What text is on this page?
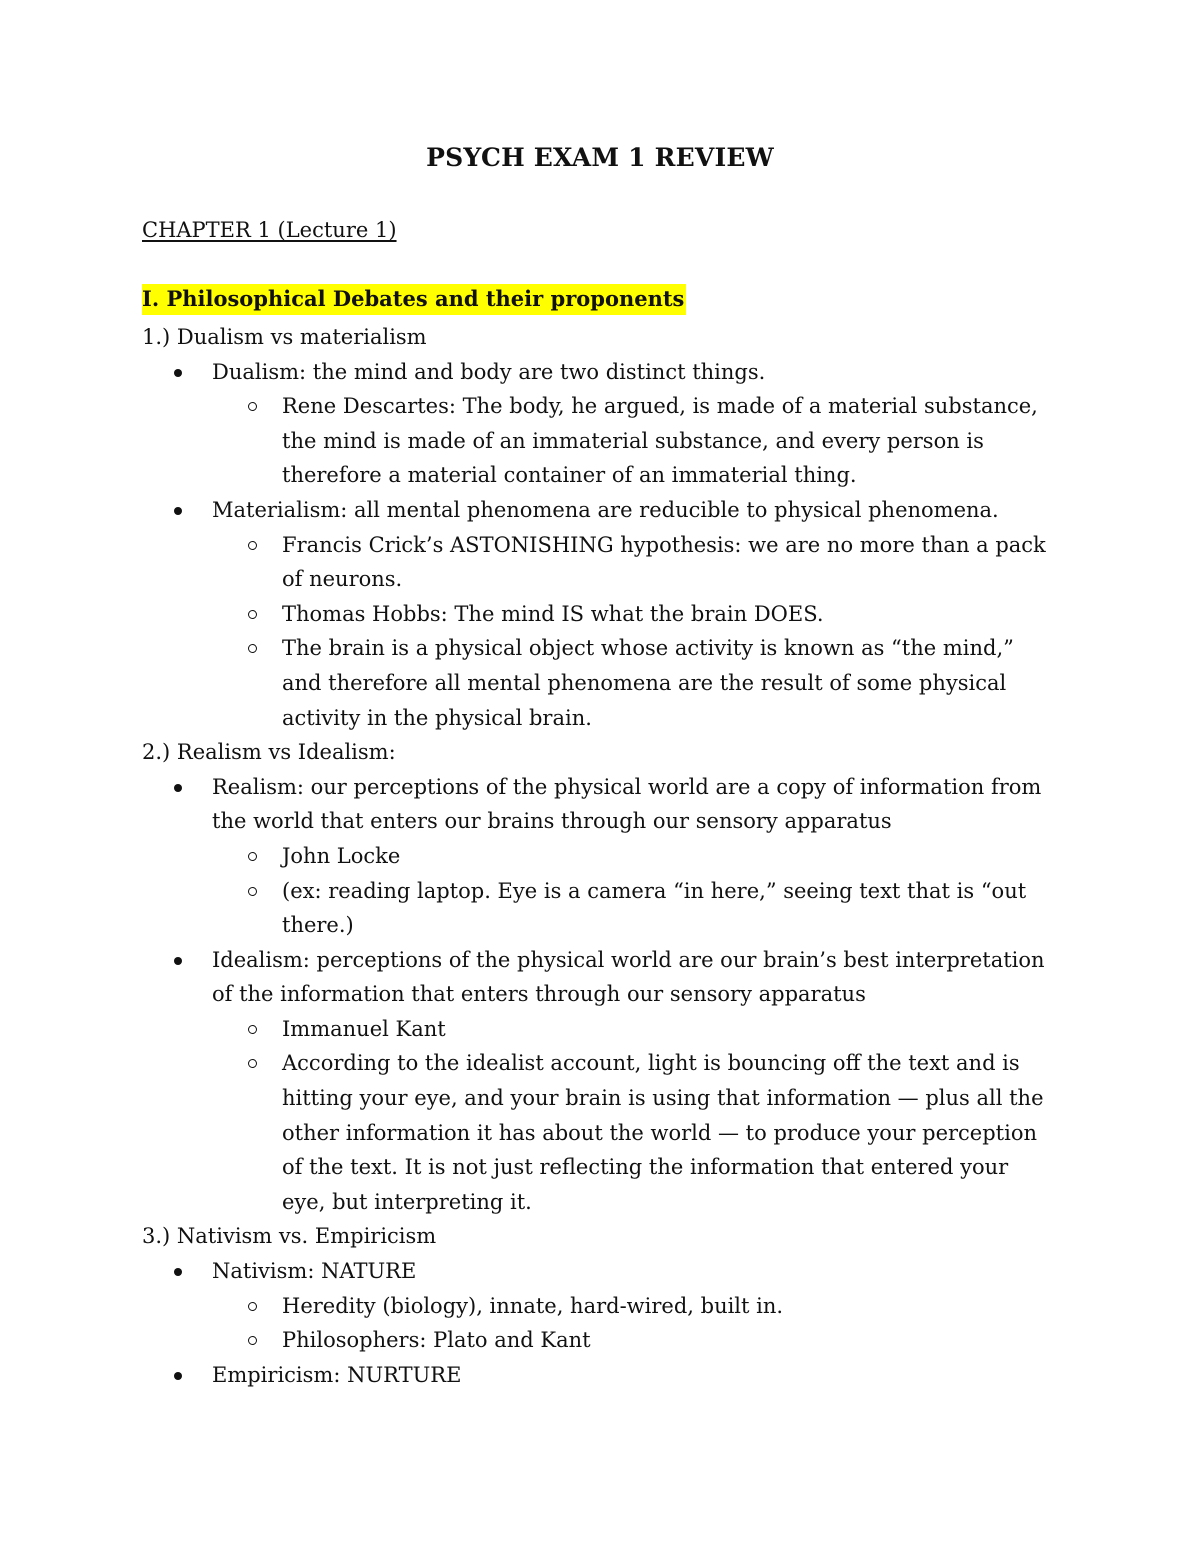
PSYCH EXAM 1 REVIEW
CHAPTER 1 (Lecture 1)
I. Philosophical Debates and their proponents
1.) Dualism vs materialism
Dualism: the mind and body are two distinct things.
Rene Descartes: The body, he argued, is made of a material substance,
the mind is made of an immaterial substance, and every person is
therefore a material container of an immaterial thing.
Materialism: all mental phenomena are reducible to physical phenomena.
Francis Crick’s ASTONISHING hypothesis: we are no more than a pack
of neurons.
Thomas Hobbs: The mind IS what the brain DOES.
The brain is a physical object whose activity is known as “the mind,”
and therefore all mental phenomena are the result of some physical
activity in the physical brain.
2.) Realism vs Idealism:
Realism: our perceptions of the physical world are a copy of information from
the world that enters our brains through our sensory apparatus
John Locke
(ex: reading laptop. Eye is a camera “in here,” seeing text that is “out
there.)
Idealism: perceptions of the physical world are our brain’s best interpretation
of the information that enters through our sensory apparatus
Immanuel Kant
According to the idealist account, light is bouncing off the text and is
hitting your eye, and your brain is using that information — plus all the
other information it has about the world — to produce your perception
of the text. It is not just reflecting the information that entered your
eye, but interpreting it.
3.) Nativism vs. Empiricism
Nativism: NATURE
Heredity (biology), innate, hard-wired, built in.
Philosophers: Plato and Kant
Empiricism: NURTURE
